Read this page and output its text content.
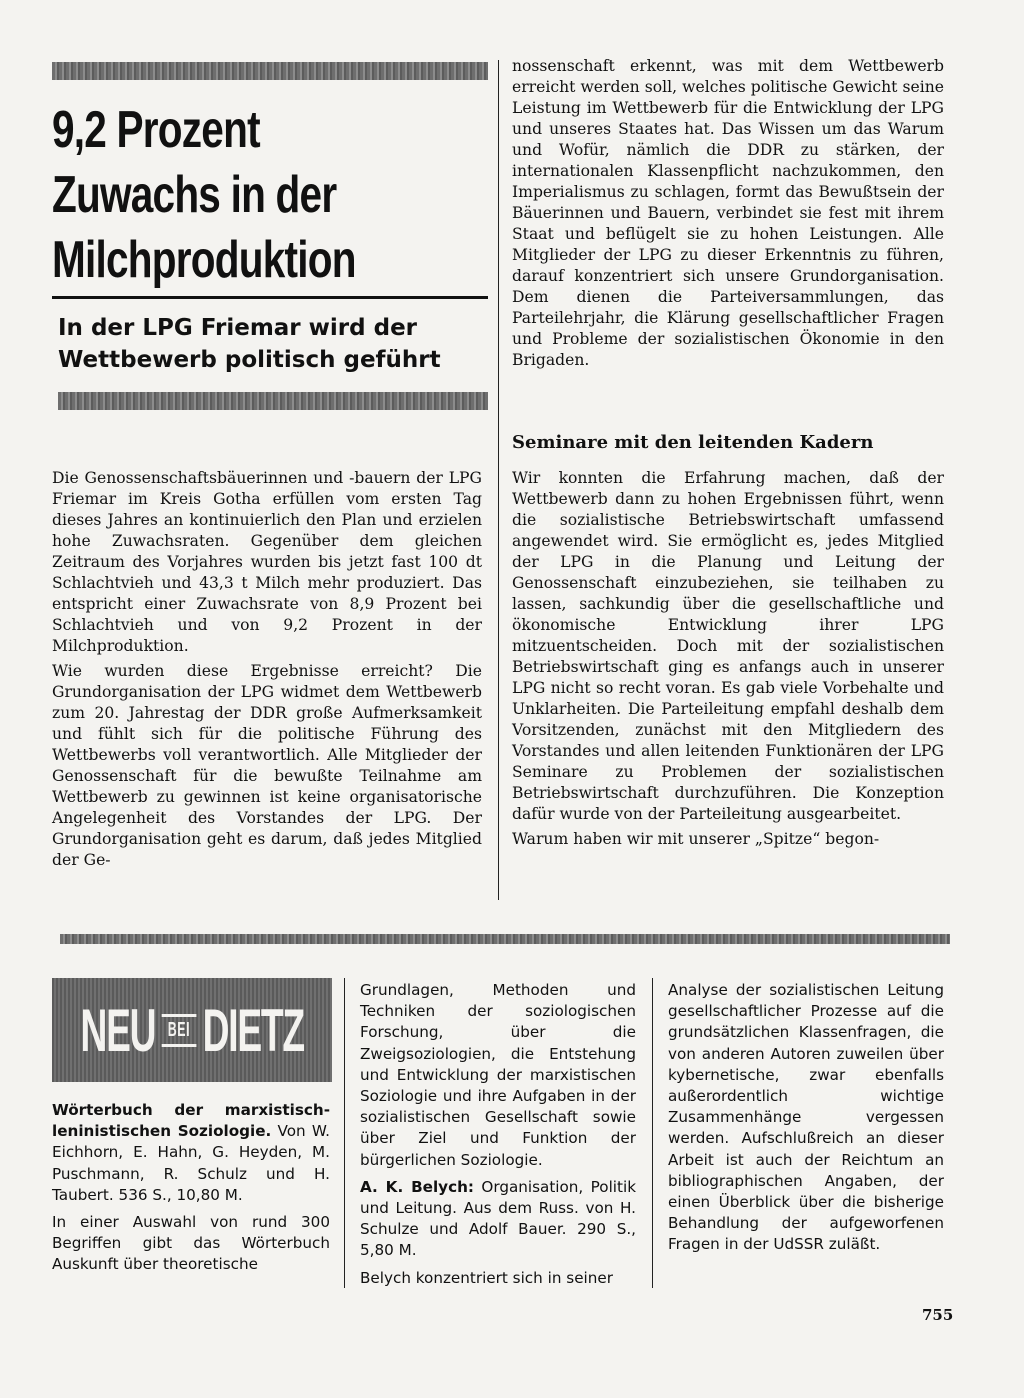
9,2 Prozent
Zuwachs in der
Milchproduktion
In der LPG Friemar wird der
Wettbewerb politisch geführt

Die Genossenschaftsbäuerinnen und -bauern der LPG Friemar im Kreis Gotha erfüllen vom ersten Tag dieses Jahres an kontinuierlich den Plan und erzielen hohe Zuwachsraten. Gegenüber dem gleichen Zeitraum des Vorjahres wurden bis jetzt fast 100 dt Schlachtvieh und 43,3 t Milch mehr produziert. Das entspricht einer Zuwachsrate von 8,9 Prozent bei Schlachtvieh und von 9,2 Prozent in der Milchproduktion.

Wie wurden diese Ergebnisse erreicht? Die Grundorganisation der LPG widmet dem Wettbewerb zum 20. Jahrestag der DDR große Aufmerksamkeit und fühlt sich für die politische Führung des Wettbewerbs voll verantwortlich. Alle Mitglieder der Genossenschaft für die bewußte Teilnahme am Wettbewerb zu gewinnen ist keine organisatorische Angelegenheit des Vorstandes der LPG. Der Grundorganisation geht es darum, daß jedes Mitglied der Ge-

nossenschaft erkennt, was mit dem Wettbewerb erreicht werden soll, welches politische Gewicht seine Leistung im Wettbewerb für die Entwicklung der LPG und unseres Staates hat. Das Wissen um das Warum und Wofür, nämlich die DDR zu stärken, der internationalen Klassenpflicht nachzukommen, den Imperialismus zu schlagen, formt das Bewußtsein der Bäuerinnen und Bauern, verbindet sie fest mit ihrem Staat und beflügelt sie zu hohen Leistungen. Alle Mitglieder der LPG zu dieser Erkenntnis zu führen, darauf konzentriert sich unsere Grundorganisation. Dem dienen die Parteiversammlungen, das Parteilehrjahr, die Klärung gesellschaftlicher Fragen und Probleme der sozialistischen Ökonomie in den Brigaden.

Seminare mit den leitenden Kadern

Wir konnten die Erfahrung machen, daß der Wettbewerb dann zu hohen Ergebnissen führt, wenn die sozialistische Betriebswirtschaft umfassend angewendet wird. Sie ermöglicht es, jedes Mitglied der LPG in die Planung und Leitung der Genossenschaft einzubeziehen, sie teilhaben zu lassen, sachkundig über die gesellschaftliche und ökonomische Entwicklung ihrer LPG mitzuentscheiden. Doch mit der sozialistischen Betriebswirtschaft ging es anfangs auch in unserer LPG nicht so recht voran. Es gab viele Vorbehalte und Unklarheiten. Die Parteileitung empfahl deshalb dem Vorsitzenden, zunächst mit den Mitgliedern des Vorstandes und allen leitenden Funktionären der LPG Seminare zu Problemen der sozialistischen Betriebswirtschaft durchzuführen. Die Konzeption dafür wurde von der Parteileitung ausgearbeitet.

Warum haben wir mit unserer „Spitze“ begon-

NEU BEI DIETZ

Wörterbuch der marxistisch-leninistischen Soziologie. Von W. Eichhorn, E. Hahn, G. Heyden, M. Puschmann, R. Schulz und H. Taubert. 536 S., 10,80 M.

In einer Auswahl von rund 300 Begriffen gibt das Wörterbuch Auskunft über theoretische

Grundlagen, Methoden und Techniken der soziologischen Forschung, über die Zweigsoziologien, die Entstehung und Entwicklung der marxistischen Soziologie und ihre Aufgaben in der sozialistischen Gesellschaft sowie über Ziel und Funktion der bürgerlichen Soziologie.

A. K. Belych: Organisation, Politik und Leitung. Aus dem Russ. von H. Schulze und Adolf Bauer. 290 S., 5,80 M.

Belych konzentriert sich in seiner

Analyse der sozialistischen Leitung gesellschaftlicher Prozesse auf die grundsätzlichen Klassenfragen, die von anderen Autoren zuweilen über kybernetische, zwar ebenfalls außerordentlich wichtige Zusammenhänge vergessen werden. Aufschlußreich an dieser Arbeit ist auch der Reichtum an bibliographischen Angaben, der einen Überblick über die bisherige Behandlung der aufgeworfenen Fragen in der UdSSR zuläßt.

755
